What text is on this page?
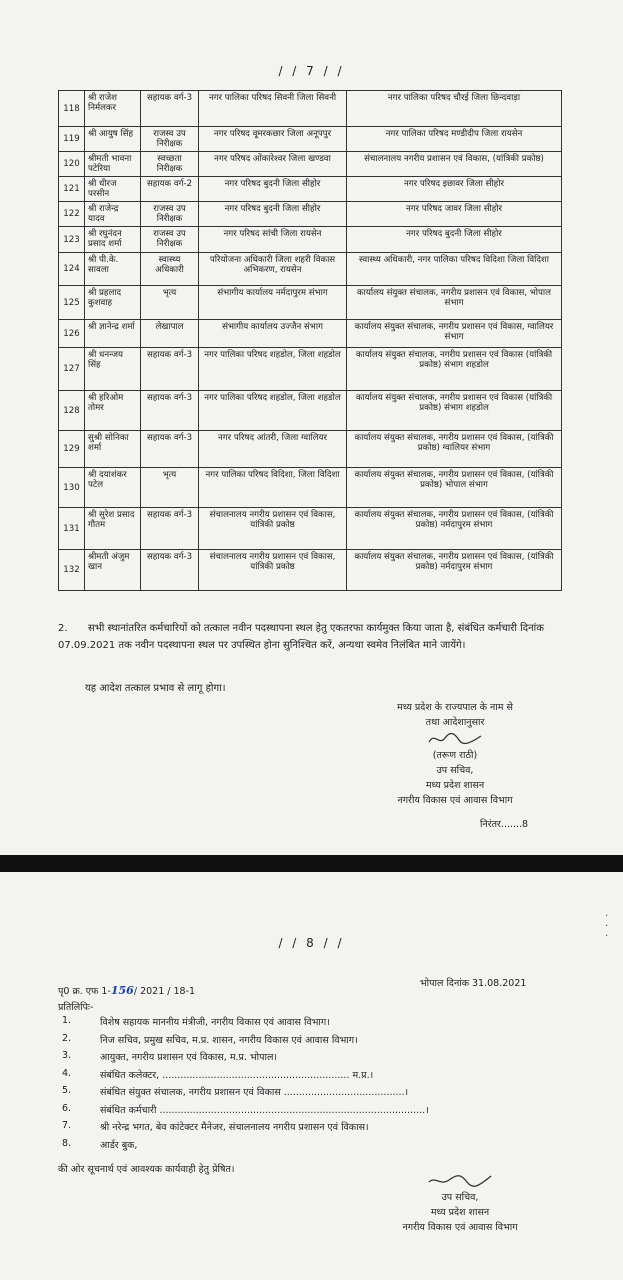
/ / 7 / /
118	श्री राजेश निर्मलकर	सहायक वर्ग-3	नगर पालिका परिषद सिवनी जिला सिवनी	नगर पालिका परिषद चौरई जिला छिन्दवाड़ा
119	श्री आयुष सिंह	राजस्व उप निरीक्षक	नगर परिषद वृ्मरकछार जिला अनूपपुर	नगर पालिका परिषद मण्डीदीप जिला रायसेन
120	श्रीमती भावना पटेरिया	स्वच्छता निरीक्षक	नगर परिषद ओंकारेश्वर जिला खण्डवा	संचालनालय नगरीय प्रशासन एवं विकास, (यांत्रिकी प्रकोष्ठ)
121	श्री धीरज परसीन	सहायक वर्ग-2	नगर परिषद बुदनी जिला सीहोर	नगर परिषद इछावर जिला सीहोर
122	श्री राजेन्द्र यादव	राजस्व उप निरीक्षक	नगर परिषद बुदनी जिला सीहोर	नगर परिषद जावर जिला सीहोर
123	श्री रघुनंदन प्रसाद शर्मा	राजस्व उप निरीक्षक	नगर परिषद सांची जिला रायसेन	नगर परिषद बुदनी जिला सीहोर
124	श्री पी.के. सावला	स्वास्थ्य अधिकारी	परियोजना अधिकारी जिला शहरी विकास अभिकरण, रायसेन	स्वास्थ्य अधिकारी, नगर पालिका परिषद विदिशा जिला विदिशा
125	श्री प्रहलाद कुशवाह	भृत्य	संभागीय कार्यालय नर्मदापुरम संभाग	कार्यालय संयुक्त संचालक, नगरीय प्रशासन एवं विकास, भोपाल संभाग
126	श्री ज्ञानेन्द्र शर्मा	लेखापाल	संभागीय कार्यालय उज्जैन संभाग	कार्यालय संयुक्त संचालक, नगरीय प्रशासन एवं विकास, ग्वालियर संभाग
127	श्री धनन्जय सिंह	सहायक वर्ग-3	नगर पालिका परिषद शहडोल, जिला शहडोल	कार्यालय संयुक्त संचालक, नगरीय प्रशासन एवं विकास (यांत्रिकी प्रकोष्ठ) संभाग शहडोल
128	श्री हरिओम तोमर	सहायक वर्ग-3	नगर पालिका परिषद शहडोल, जिला शहडोल	कार्यालय संयुक्त संचालक, नगरीय प्रशासन एवं विकास (यांत्रिकी प्रकोष्ठ) संभाग शहडोल
129	सुश्री सोनिका शर्मा	सहायक वर्ग-3	नगर परिषद आंतरी, जिला ग्वालियर	कार्यालय संयुक्त संचालक, नगरीय प्रशासन एवं विकास, (यांत्रिकी प्रकोष्ठ) ग्वालियर संभाग
130	श्री दयाशंकर पटेल	भृत्य	नगर पालिका परिषद विदिशा, जिला विदिशा	कार्यालय संयुक्त संचालक, नगरीय प्रशासन एवं विकास, (यांत्रिकी प्रकोष्ठ) भोपाल संभाग
131	श्री सुरेश प्रसाद गौतम	सहायक वर्ग-3	संचालनालय नगरीय प्रशासन एवं विकास, यांत्रिकी प्रकोष्ठ	कार्यालय संयुक्त संचालक, नगरीय प्रशासन एवं विकास, (यांत्रिकी प्रकोष्ठ) नर्मदापुरम संभाग
132	श्रीमती अंजुम खान	सहायक वर्ग-3	संचालनालय नगरीय प्रशासन एवं विकास, यांत्रिकी प्रकोष्ठ	कार्यालय संयुक्त संचालक, नगरीय प्रशासन एवं विकास, (यांत्रिकी प्रकोष्ठ) नर्मदापुरम संभाग
2. सभी स्थानांतरित कर्मचारियों को तत्काल नवीन पदस्थापना स्थल हेतु एकतरफा कार्यमुक्त किया जाता है, संबंधित कर्मचारी दिनांक 07.09.2021 तक नवीन पदस्थापना स्थल पर उपस्थित होना सुनिश्चित करें, अन्यथा स्वमेव निलंबित माने जायेंगे।
यह आदेश तत्काल प्रभाव से लागू होगा।
मध्य प्रदेश के राज्यपाल के नाम से
तथा आदेशानुसार
(तरूण राठी)
उप सचिव,
मध्य प्रदेश शासन
नगरीय विकास एवं आवास विभाग
निरंतर.......8
·
·
·
/ / 8 / /
भोपाल दिनांक 31.08.2021
पृ0 क्र. एफ 1-156/ 2021 / 18-1
प्रतिलिपिः-
1.	विशेष सहायक माननीय मंत्रीजी, नगरीय विकास एवं आवास विभाग।
2.	निज सचिव, प्रमुख सचिव, म.प्र. शासन, नगरीय विकास एवं आवास विभाग।
3.	आयुक्त, नगरीय प्रशासन एवं विकास, म.प्र. भोपाल।
4.	संबंधित कलेक्टर, .............................................................. म.प्र.।
5.	संबंधित संयुक्त संचालक, नगरीय प्रशासन एवं विकास ........................................।
6.	संबंधित कर्मचारी ........................................................................................।
7.	श्री नरेन्द्र भगत, बेव कांटेक्टर मैनेजर, संचालनालय नगरीय प्रशासन एवं विकास।
8.	आर्डर बुक,
की ओर सूचनार्थ एवं आवश्यक कार्यवाही हेतु प्रेषित।
उप सचिव,
मध्य प्रदेश शासन
नगरीय विकास एवं आवास विभाग
